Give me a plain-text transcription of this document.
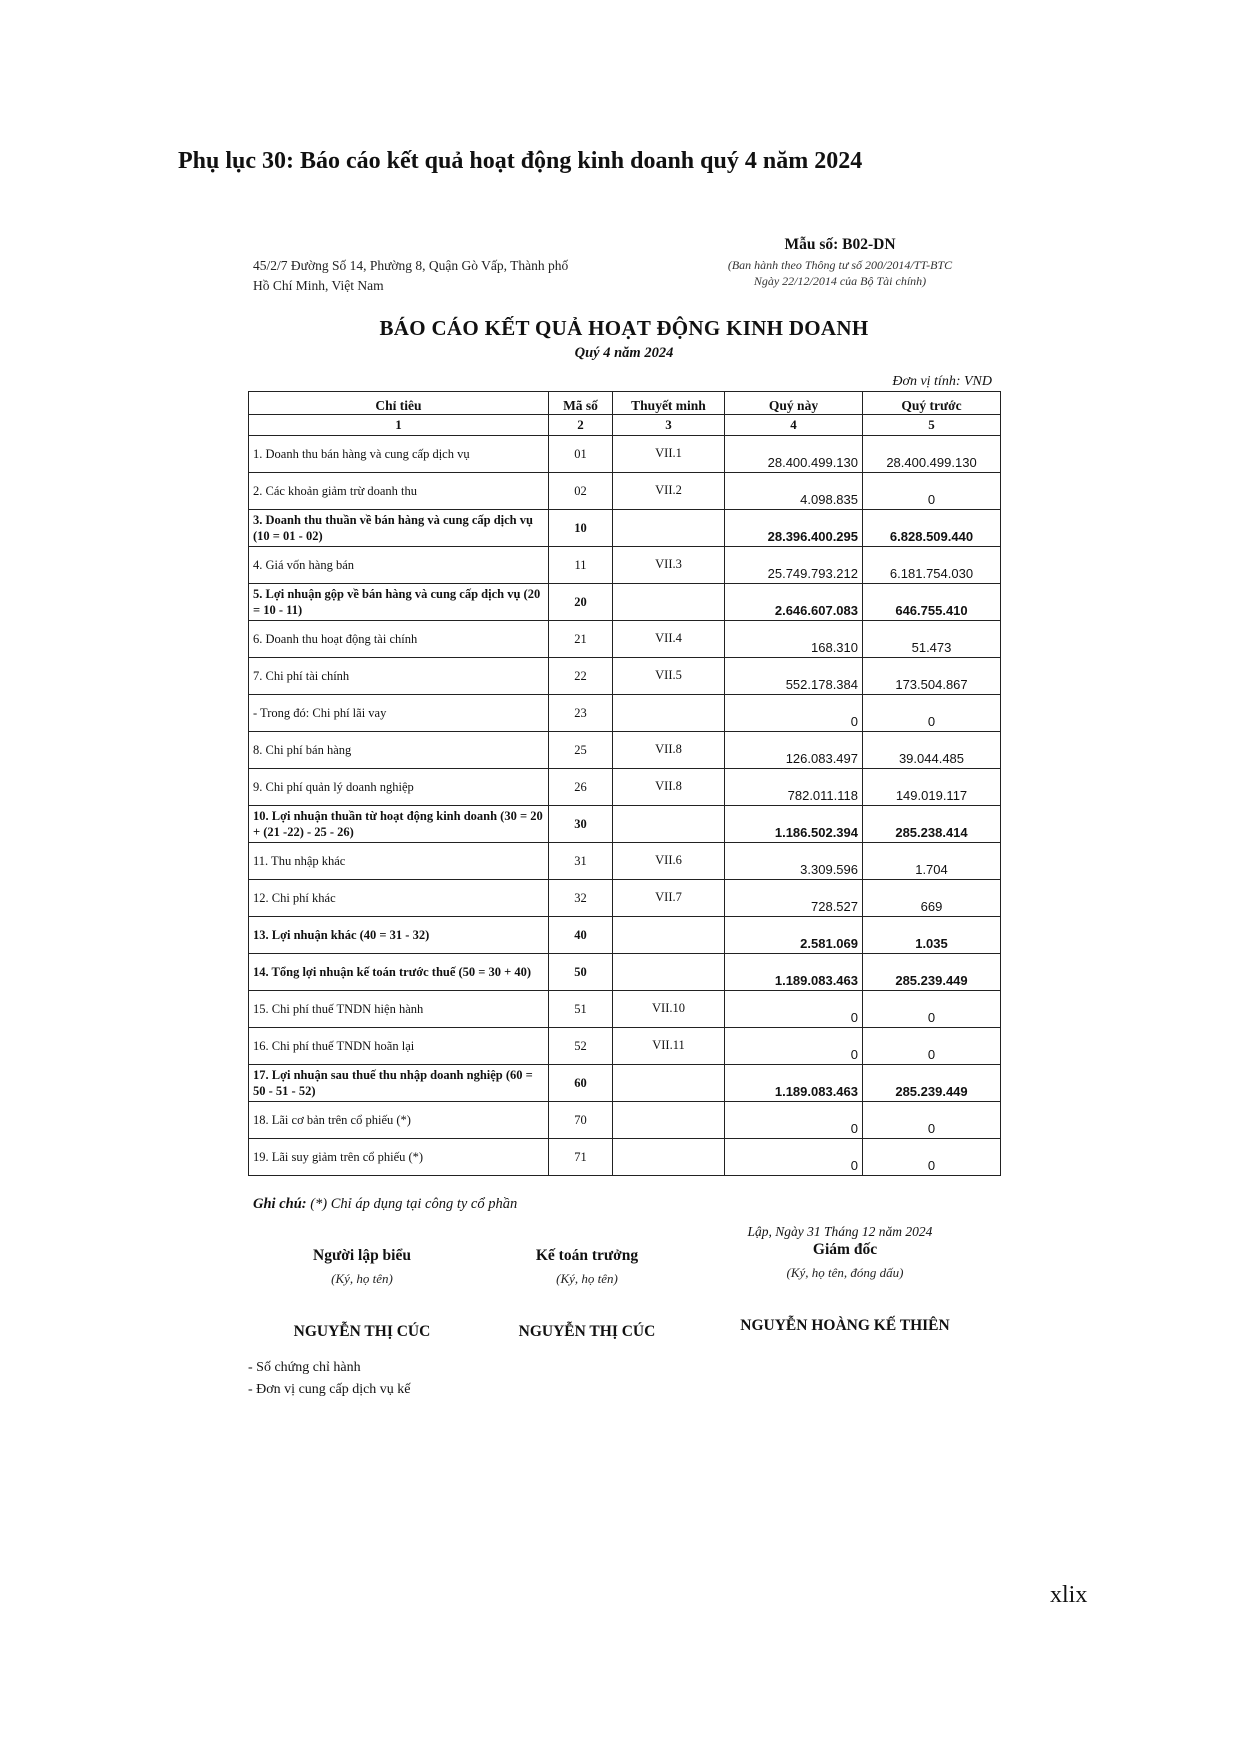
Phụ lục 30: Báo cáo kết quả hoạt động kinh doanh quý 4 năm 2024
45/2/7 Đường Số 14, Phường 8, Quận Gò Vấp, Thành phố
Hồ Chí Minh, Việt Nam
Mẫu số: B02-DN
(Ban hành theo Thông tư số 200/2014/TT-BTC
Ngày 22/12/2014 của Bộ Tài chính)
BÁO CÁO KẾT QUẢ HOẠT ĐỘNG KINH DOANH
Quý 4 năm 2024
Đơn vị tính: VND
Chỉ tiêu	Mã số	Thuyết minh	Quý này	Quý trước
1	2	3	4	5
1. Doanh thu bán hàng và cung cấp dịch vụ	01	VII.1	28.400.499.130	28.400.499.130
2. Các khoản giảm trừ doanh thu	02	VII.2	4.098.835	0
3. Doanh thu thuần về bán hàng và cung cấp dịch vụ (10 = 01 - 02)	10		28.396.400.295	6.828.509.440
4. Giá vốn hàng bán	11	VII.3	25.749.793.212	6.181.754.030
5. Lợi nhuận gộp về bán hàng và cung cấp dịch vụ (20 = 10 - 11)	20		2.646.607.083	646.755.410
6. Doanh thu hoạt động tài chính	21	VII.4	168.310	51.473
7. Chi phí tài chính	22	VII.5	552.178.384	173.504.867
- Trong đó: Chi phí lãi vay	23		0	0
8. Chi phí bán hàng	25	VII.8	126.083.497	39.044.485
9. Chi phí quản lý doanh nghiệp	26	VII.8	782.011.118	149.019.117
10. Lợi nhuận thuần từ hoạt động kinh doanh (30 = 20 + (21 -22) - 25 - 26)	30		1.186.502.394	285.238.414
11. Thu nhập khác	31	VII.6	3.309.596	1.704
12. Chi phí khác	32	VII.7	728.527	669
13. Lợi nhuận khác (40 = 31 - 32)	40		2.581.069	1.035
14. Tổng lợi nhuận kế toán trước thuế (50 = 30 + 40)	50		1.189.083.463	285.239.449
15. Chi phí thuế TNDN hiện hành	51	VII.10	0	0
16. Chi phí thuế TNDN hoãn lại	52	VII.11	0	0
17. Lợi nhuận sau thuế thu nhập doanh nghiệp (60 = 50 - 51 - 52)	60		1.189.083.463	285.239.449
18. Lãi cơ bản trên cổ phiếu (*)	70		0	0
19. Lãi suy giảm trên cổ phiếu (*)	71		0	0
Ghi chú: (*) Chỉ áp dụng tại công ty cổ phần
Lập, Ngày 31 Tháng 12 năm 2024
Người lập biểu
(Ký, họ tên)
NGUYỄN THỊ CÚC
Kế toán trưởng
(Ký, họ tên)
NGUYỄN THỊ CÚC
Giám đốc
(Ký, họ tên, đóng dấu)
NGUYỄN HOÀNG KẾ THIÊN
- Số chứng chỉ hành
- Đơn vị cung cấp dịch vụ kế
xlix
